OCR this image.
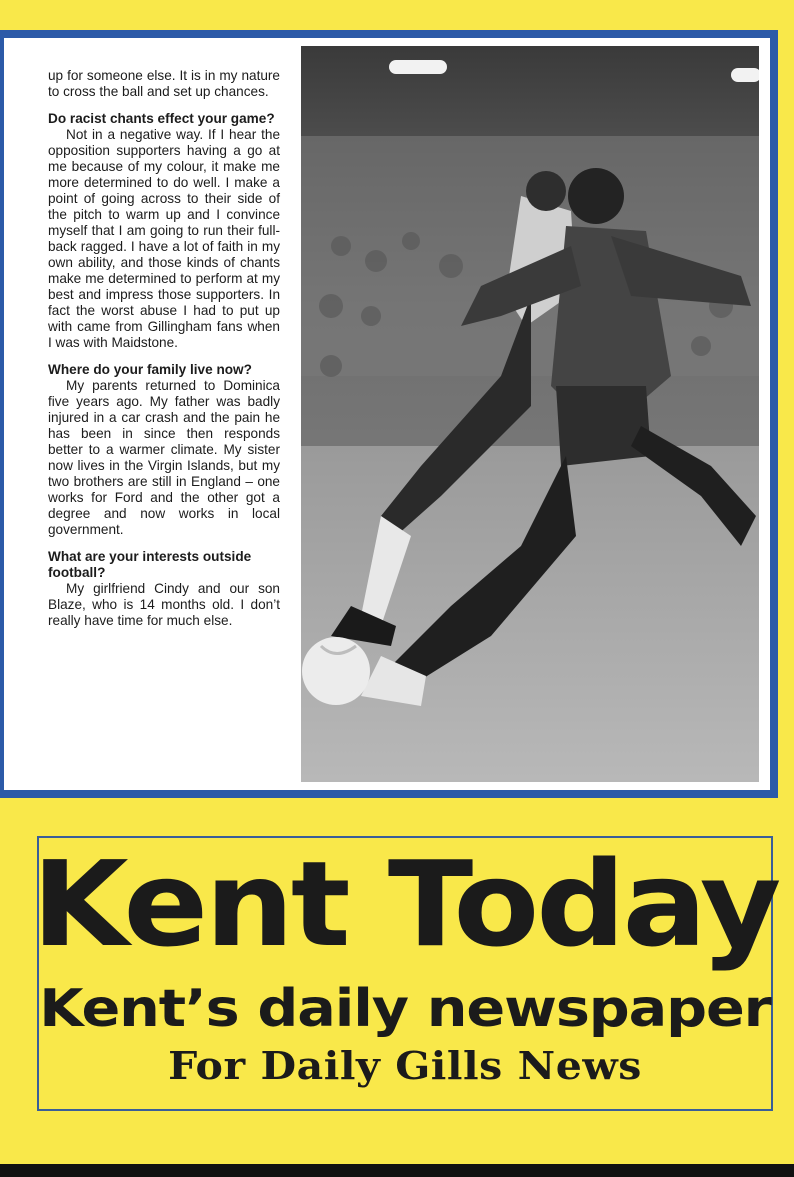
up for someone else. It is in my nature to cross the ball and set up chances.

Do racist chants effect your game?

Not in a negative way. If I hear the opposition supporters having a go at me because of my colour, it make me more determined to do well. I make a point of going across to their side of the pitch to warm up and I convince myself that I am going to run their full-back ragged. I have a lot of faith in my own ability, and those kinds of chants make me determined to perform at my best and impress those supporters. In fact the worst abuse I had to put up with came from Gillingham fans when I was with Maidstone.

Where do your family live now?

My parents returned to Dominica five years ago. My father was badly injured in a car crash and the pain he has been in since then responds better to a warmer climate. My sister now lives in the Virgin Islands, but my two brothers are still in England – one works for Ford and the other got a degree and now works in local government.

What are your interests outside football?

My girlfriend Cindy and our son Blaze, who is 14 months old. I don’t really have time for much else.

Kent Today
Kent’s daily newspaper
For Daily Gills News
